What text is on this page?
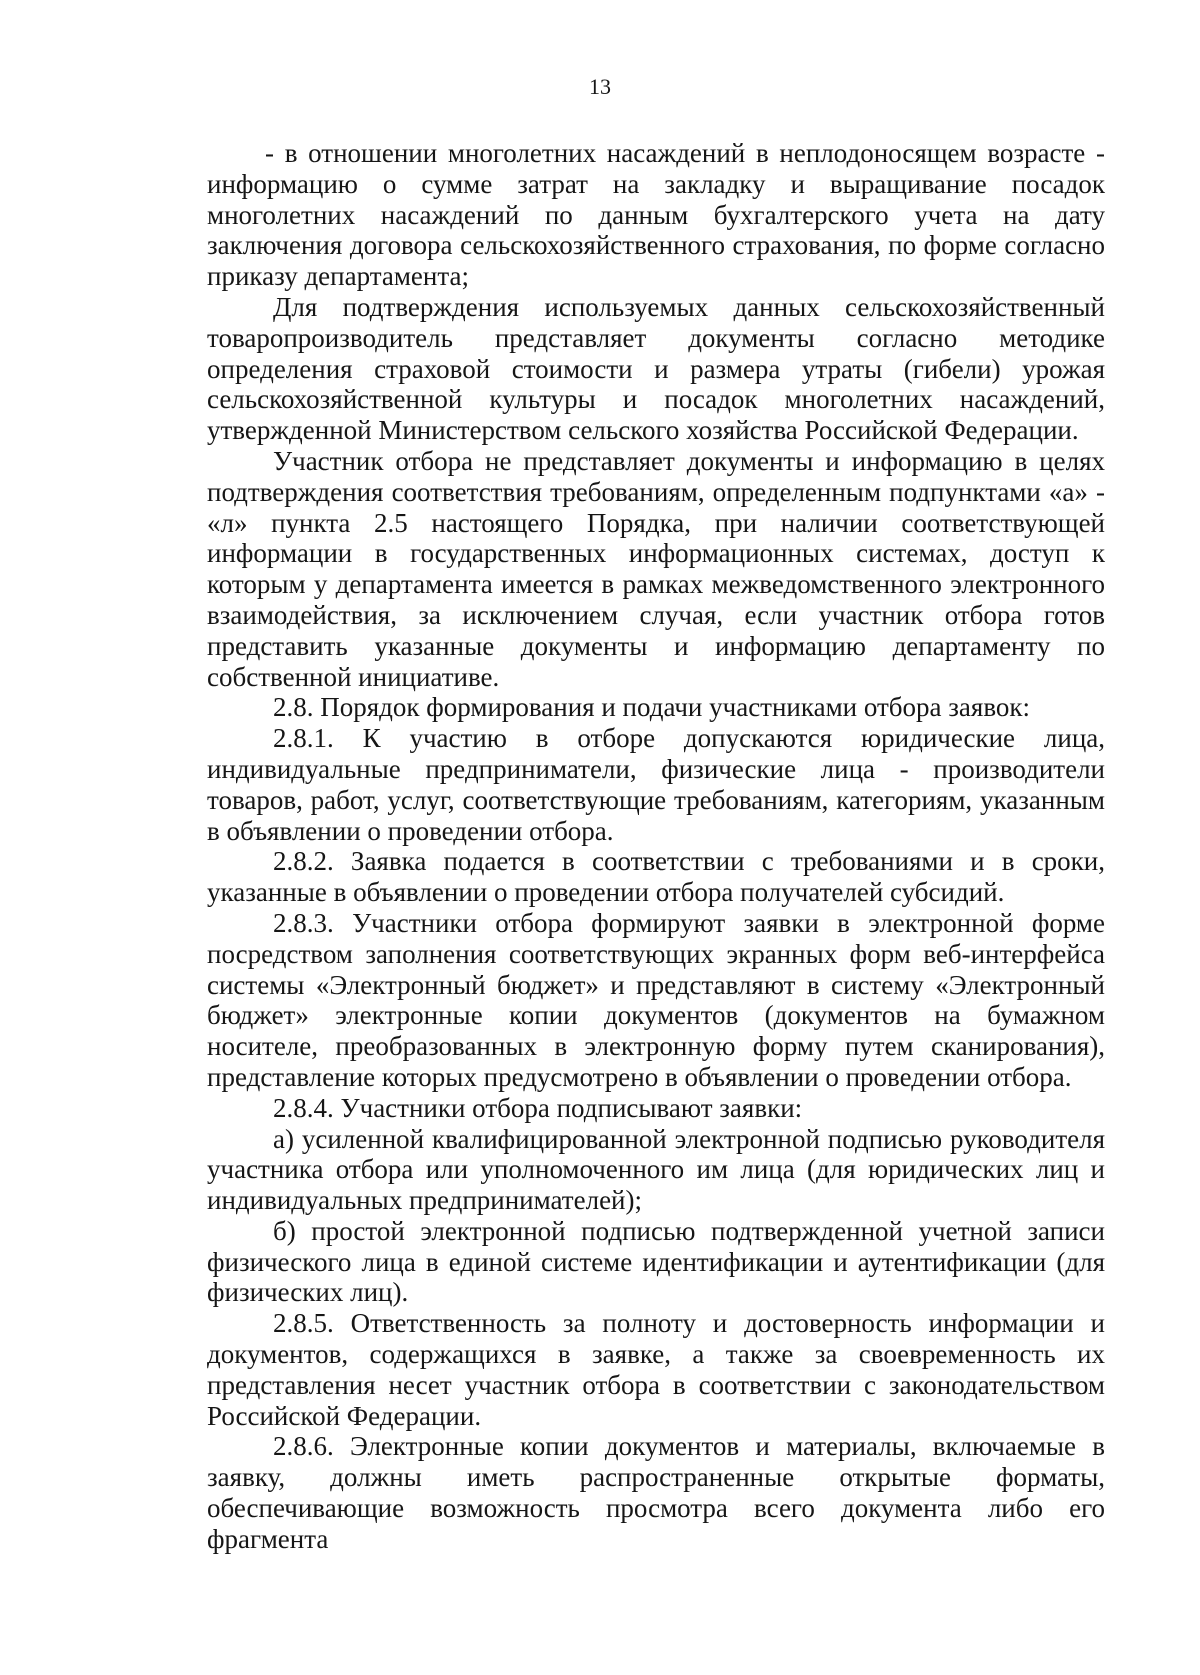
13

- в отношении многолетних насаждений в неплодоносящем возрасте - информацию о сумме затрат на закладку и выращивание посадок многолетних насаждений по данным бухгалтерского учета на дату заключения договора сельскохозяйственного страхования, по форме согласно приказу департамента;

Для подтверждения используемых данных сельскохозяйственный товаропроизводитель представляет документы согласно методике определения страховой стоимости и размера утраты (гибели) урожая сельскохозяйственной культуры и посадок многолетних насаждений, утвержденной Министерством сельского хозяйства Российской Федерации.

Участник отбора не представляет документы и информацию в целях подтверждения соответствия требованиям, определенным подпунктами «а» - «л» пункта 2.5 настоящего Порядка, при наличии соответствующей информации в государственных информационных системах, доступ к которым у департамента имеется в рамках межведомственного электронного взаимодействия, за исключением случая, если участник отбора готов представить указанные документы и информацию департаменту по собственной инициативе.

2.8. Порядок формирования и подачи участниками отбора заявок:

2.8.1. К участию в отборе допускаются юридические лица, индивидуальные предприниматели, физические лица - производители товаров, работ, услуг, соответствующие требованиям, категориям, указанным в объявлении о проведении отбора.

2.8.2. Заявка подается в соответствии с требованиями и в сроки, указанные в объявлении о проведении отбора получателей субсидий.

2.8.3. Участники отбора формируют заявки в электронной форме посредством заполнения соответствующих экранных форм веб-интерфейса системы «Электронный бюджет» и представляют в систему «Электронный бюджет» электронные копии документов (документов на бумажном носителе, преобразованных в электронную форму путем сканирования), представление которых предусмотрено в объявлении о проведении отбора.

2.8.4. Участники отбора подписывают заявки:

а) усиленной квалифицированной электронной подписью руководителя участника отбора или уполномоченного им лица (для юридических лиц и индивидуальных предпринимателей);

б) простой электронной подписью подтвержденной учетной записи физического лица в единой системе идентификации и аутентификации (для физических лиц).

2.8.5. Ответственность за полноту и достоверность информации и документов, содержащихся в заявке, а также за своевременность их представления несет участник отбора в соответствии с законодательством Российской Федерации.

2.8.6. Электронные копии документов и материалы, включаемые в заявку, должны иметь распространенные открытые форматы, обеспечивающие возможность просмотра всего документа либо его фрагмента
